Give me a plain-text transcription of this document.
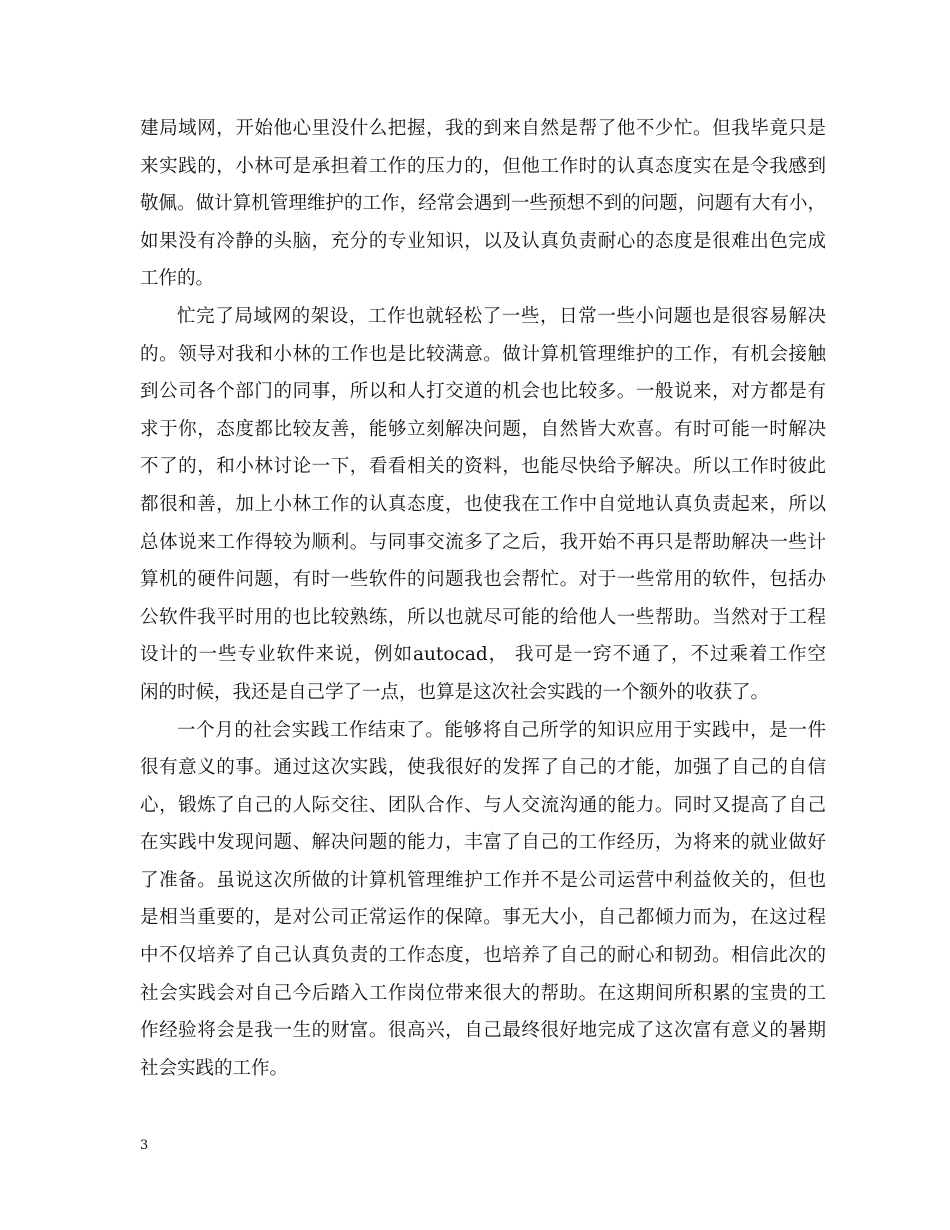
建局域网，开始他心里没什么把握，我的到来自然是帮了他不少忙。但我毕竟只是
来实践的，小林可是承担着工作的压力的，但他工作时的认真态度实在是令我感到
敬佩。做计算机管理维护的工作，经常会遇到一些预想不到的问题，问题有大有小，
如果没有冷静的头脑，充分的专业知识，以及认真负责耐心的态度是很难出色完成
工作的。
忙完了局域网的架设，工作也就轻松了一些，日常一些小问题也是很容易解决
的。领导对我和小林的工作也是比较满意。做计算机管理维护的工作，有机会接触
到公司各个部门的同事，所以和人打交道的机会也比较多。一般说来，对方都是有
求于你，态度都比较友善，能够立刻解决问题，自然皆大欢喜。有时可能一时解决
不了的，和小林讨论一下，看看相关的资料，也能尽快给予解决。所以工作时彼此
都很和善，加上小林工作的认真态度，也使我在工作中自觉地认真负责起来，所以
总体说来工作得较为顺利。与同事交流多了之后，我开始不再只是帮助解决一些计
算机的硬件问题，有时一些软件的问题我也会帮忙。对于一些常用的软件，包括办
公软件我平时用的也比较熟练，所以也就尽可能的给他人一些帮助。当然对于工程
设计的一些专业软件来说，例如autocad， 我可是一窍不通了，不过乘着工作空
闲的时候，我还是自己学了一点，也算是这次社会实践的一个额外的收获了。
一个月的社会实践工作结束了。能够将自己所学的知识应用于实践中，是一件
很有意义的事。通过这次实践，使我很好的发挥了自己的才能，加强了自己的自信
心，锻炼了自己的人际交往、团队合作、与人交流沟通的能力。同时又提高了自己
在实践中发现问题、解决问题的能力，丰富了自己的工作经历，为将来的就业做好
了准备。虽说这次所做的计算机管理维护工作并不是公司运营中利益攸关的，但也
是相当重要的，是对公司正常运作的保障。事无大小，自己都倾力而为，在这过程
中不仅培养了自己认真负责的工作态度，也培养了自己的耐心和韧劲。相信此次的
社会实践会对自己今后踏入工作岗位带来很大的帮助。在这期间所积累的宝贵的工
作经验将会是我一生的财富。很高兴，自己最终很好地完成了这次富有意义的暑期
社会实践的工作。
3
